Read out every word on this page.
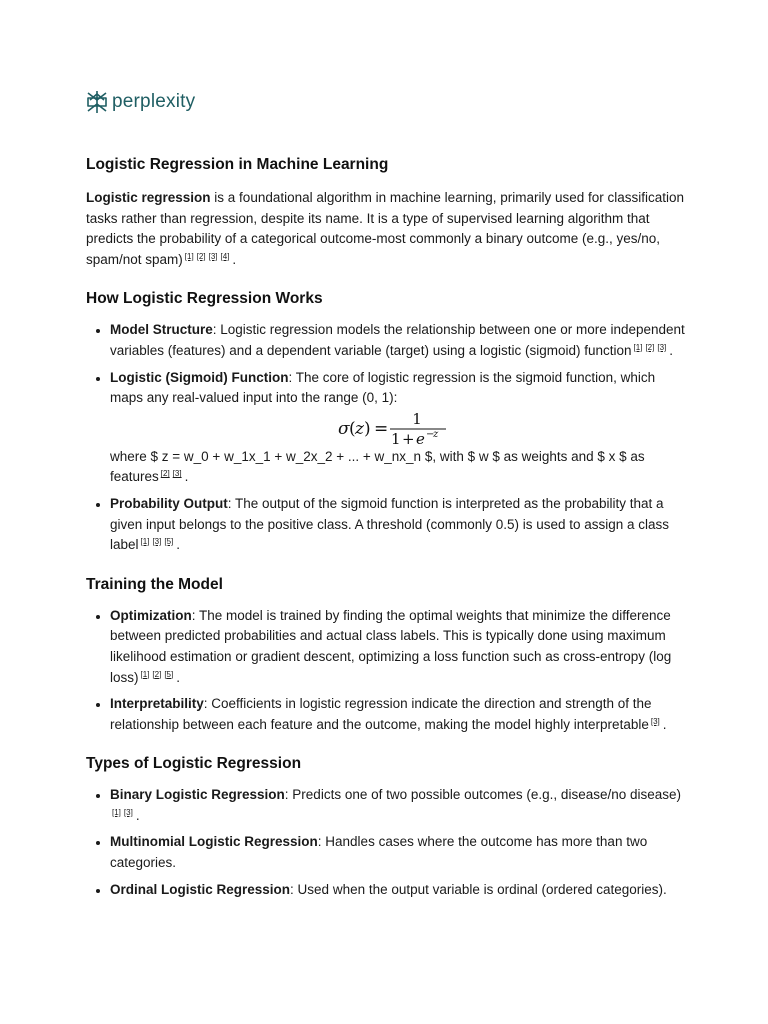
perplexity
Logistic Regression in Machine Learning

Logistic regression is a foundational algorithm in machine learning, primarily used for classification tasks rather than regression, despite its name. It is a type of supervised learning algorithm that predicts the probability of a categorical outcome-most commonly a binary outcome (e.g., yes/no, spam/not spam) [1] [2] [3] [4] .

How Logistic Regression Works
• Model Structure: Logistic regression models the relationship between one or more independent variables (features) and a dependent variable (target) using a logistic (sigmoid) function [1] [2] [3] .
• Logistic (Sigmoid) Function: The core of logistic regression is the sigmoid function, which maps any real-valued input into the range (0, 1):
σ ( z ) = 1
1 + e −
z
where $ z = w_0 + w_1x_1 + w_2x_2 + ... + w_nx_n $, with $ w $ as weights and $ x $ as features [2] [3] .
• Probability Output: The output of the sigmoid function is interpreted as the probability that a given input belongs to the positive class. A threshold (commonly 0.5) is used to assign a class label [1] [3] [5] .
Training the Model
• Optimization: The model is trained by finding the optimal weights that minimize the difference between predicted probabilities and actual class labels. This is typically done using maximum likelihood estimation or gradient descent, optimizing a loss function such as cross-entropy (log loss) [1] [2] [5] .
• Interpretability: Coefficients in logistic regression indicate the direction and strength of the relationship between each feature and the outcome, making the model highly interpretable [3] .
Types of Logistic Regression
• Binary Logistic Regression: Predicts one of two possible outcomes (e.g., disease/no disease)[1] [3] .
• Multinomial Logistic Regression: Handles cases where the outcome has more than two categories.
• Ordinal Logistic Regression: Used when the output variable is ordinal (ordered categories).
